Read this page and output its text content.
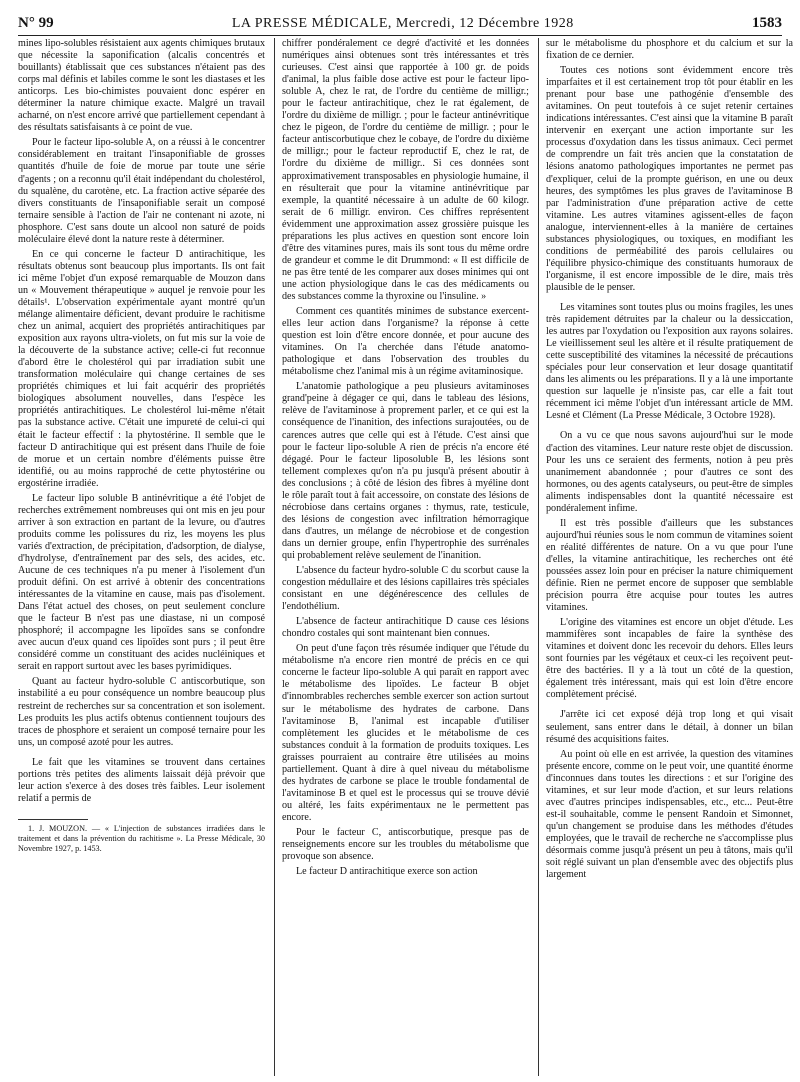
N° 99	LA PRESSE MÉDICALE, Mercredi, 12 Décembre 1928	1583

mines lipo-solubles résistaient aux agents chimiques brutaux que nécessite la saponification (alcalis concentrés et bouillants) établissait que ces substances n'étaient pas des corps mal définis et labiles comme le sont les diastases et les anticorps. Les bio-chimistes pouvaient donc espérer en déterminer la nature chimique exacte. Malgré un travail acharné, on n'est encore arrivé que partiellement cependant à des résultats satisfaisants à ce point de vue.

Pour le facteur lipo-soluble A, on a réussi à le concentrer considérablement en traitant l'insaponifiable de grosses quantités d'huile de foie de morue par toute une série d'agents ; on a reconnu qu'il était indépendant du cholestérol, du squalène, du carotène, etc. La fraction active séparée des divers constituants de l'insaponifiable serait un composé ternaire sensible à l'action de l'air ne contenant ni azote, ni phosphore. C'est sans doute un alcool non saturé de poids moléculaire élevé dont la nature reste à déterminer.

En ce qui concerne le facteur D antirachitique, les résultats obtenus sont beaucoup plus importants. Ils ont fait ici même l'objet d'un exposé remarquable de Mouzon dans un « Mouvement thérapeutique » auquel je renvoie pour les détails¹. L'observation expérimentale ayant montré qu'un mélange alimentaire déficient, devant produire le rachitisme chez un animal, acquiert des propriétés antirachitiques par exposition aux rayons ultra-violets, on fut mis sur la voie de la découverte de la substance active; celle-ci fut reconnue d'abord être le cholestérol qui par irradiation subit une transformation moléculaire qui change certaines de ses propriétés chimiques et lui fait acquérir des propriétés biologiques absolument nouvelles, dans l'espèce les propriétés antirachitiques. Le cholestérol lui-même n'était pas la substance active. C'était une impureté de celui-ci qui était le facteur effectif : la phytostérine. Il semble que le facteur D antirachitique qui est présent dans l'huile de foie de morue et un certain nombre d'éléments puisse être identifié, ou au moins rapproché de cette phytostérine ou ergostérine irradiée.

Le facteur lipo soluble B antinévritique a été l'objet de recherches extrêmement nombreuses qui ont mis en jeu pour arriver à son extraction en partant de la levure, ou d'autres produits comme les polissures du riz, les moyens les plus variés d'extraction, de précipitation, d'adsorption, de dialyse, d'hydrolyse, d'entraînement par des sels, des acides, etc. Aucune de ces techniques n'a pu mener à l'isolement d'un produit défini. On est arrivé à obtenir des concentrations intéressantes de la vitamine en cause, mais pas d'isolement. Dans l'état actuel des choses, on peut seulement conclure que le facteur B n'est pas une diastase, ni un composé phosphoré; il accompagne les lipoïdes sans se confondre avec aucun d'eux quand ces lipoïdes sont purs ; il peut être considéré comme un constituant des acides nucléiniques et serait en rapport surtout avec les bases pyrimidiques.

Quant au facteur hydro-soluble C antiscorbutique, son instabilité a eu pour conséquence un nombre beaucoup plus restreint de recherches sur sa concentration et son isolement. Les produits les plus actifs obtenus contiennent toujours des traces de phosphore et seraient un composé ternaire pour les uns, un composé azoté pour les autres.

Le fait que les vitamines se trouvent dans certaines portions très petites des aliments laissait déjà prévoir que leur action s'exerce à des doses très faibles. Leur isolement relatif a permis de

1. J. MOUZON. — « L'injection de substances irradiées dans le traitement et dans la prévention du rachitisme ». La Presse Médicale, 30 Novembre 1927, p. 1453.

chiffrer pondéralement ce degré d'activité et les données numériques ainsi obtenues sont très intéressantes et très curieuses. C'est ainsi que rapportée à 100 gr. de poids d'animal, la plus faible dose active est pour le facteur lipo-soluble A, chez le rat, de l'ordre du centième de milligr.; pour le facteur antirachitique, chez le rat également, de l'ordre du dixième de milligr. ; pour le facteur antinévritique chez le pigeon, de l'ordre du centième de milligr. ; pour le facteur antiscorbutique chez le cobaye, de l'ordre du dixième de milligr.; pour le facteur reproductif E, chez le rat, de l'ordre du dixième de milligr.. Si ces données sont approximativement transposables en physiologie humaine, il en résulterait que pour la vitamine antinévritique par exemple, la quantité nécessaire à un adulte de 60 kilogr. serait de 6 milligr. environ. Ces chiffres représentent évidemment une approximation assez grossière puisque les préparations les plus actives en question sont encore loin d'être des vitamines pures, mais ils sont tous du même ordre de grandeur et comme le dit Drummond: « Il est difficile de ne pas être tenté de les comparer aux doses minimes qui ont une action physiologique dans le cas des médicaments ou des substances comme la thyroxine ou l'insuline. »

Comment ces quantités minimes de substance exercent-elles leur action dans l'organisme? la réponse à cette question est loin d'être encore donnée, et pour aucune des vitamines. On l'a cherchée dans l'étude anatomo-pathologique et dans l'observation des troubles du métabolisme chez l'animal mis à un régime avitaminosique.

L'anatomie pathologique a peu plusieurs avitaminoses grand'peine à dégager ce qui, dans le tableau des lésions, relève de l'avitaminose à proprement parler, et ce qui est la conséquence de l'inanition, des infections surajoutées, ou de carences autres que celle qui est à l'étude. C'est ainsi que pour le facteur lipo-soluble A rien de précis n'a encore été dégagé. Pour le facteur liposoluble B, les lésions sont tellement complexes qu'on n'a pu jusqu'à présent aboutir à des conclusions ; à côté de lésion des fibres à myéline dont le rôle paraît tout à fait accessoire, on constate des lésions de nécrobiose dans certains organes : thymus, rate, testicule, des lésions de congestion avec infiltration hémorragique dans d'autres, un mélange de nécrobiose et de congestion dans un dernier groupe, enfin l'hypertrophie des surrénales qui probablement relève seulement de l'inanition.

L'absence du facteur hydro-soluble C du scorbut cause la congestion médullaire et des lésions capillaires très spéciales consistant en une dégénérescence des cellules de l'endothélium.

L'absence de facteur antirachitique D cause ces lésions chondro costales qui sont maintenant bien connues.

On peut d'une façon très résumée indiquer que l'étude du métabolisme n'a encore rien montré de précis en ce qui concerne le facteur lipo-soluble A qui paraît en rapport avec le métabolisme des lipoïdes. Le facteur B objet d'innombrables recherches semble exercer son action surtout sur le métabolisme des hydrates de carbone. Dans l'avitaminose B, l'animal est incapable d'utiliser complètement les glucides et le métabolisme de ces substances conduit à la formation de produits toxiques. Les graisses pourraient au contraire être utilisées au moins partiellement. Quant à dire à quel niveau du métabolisme des hydrates de carbone se place le trouble fondamental de l'avitaminose B et quel est le processus qui se trouve dévié ou altéré, les faits expérimentaux ne le permettent pas encore.

Pour le facteur C, antiscorbutique, presque pas de renseignements encore sur les troubles du métabolisme que provoque son absence.

Le facteur D antirachitique exerce son action

sur le métabolisme du phosphore et du calcium et sur la fixation de ce dernier.

Toutes ces notions sont évidemment encore très imparfaites et il est certainement trop tôt pour établir en les prenant pour base une pathogénie d'ensemble des avitamines. On peut toutefois à ce sujet retenir certaines indications intéressantes. C'est ainsi que la vitamine B paraît intervenir en exerçant une action importante sur les processus d'oxydation dans les tissus animaux. Ceci permet de comprendre un fait très ancien que la constatation de lésions anatomo pathologiques importantes ne permet pas d'expliquer, celui de la prompte guérison, en une ou deux heures, des symptômes les plus graves de l'avitaminose B par l'administration d'une préparation active de cette vitamine. Les autres vitamines agissent-elles de façon analogue, interviennent-elles à la manière de certaines substances physiologiques, ou toxiques, en modifiant les conditions de perméabilité des parois cellulaires ou l'équilibre physico-chimique des constituants humoraux de l'organisme, il est encore impossible de le dire, mais très plausible de le penser.

Les vitamines sont toutes plus ou moins fragiles, les unes très rapidement détruites par la chaleur ou la dessiccation, les autres par l'oxydation ou l'exposition aux rayons solaires. Le vieillissement seul les altère et il résulte pratiquement de cette susceptibilité des vitamines la nécessité de précautions spéciales pour leur conservation et leur dosage quantitatif dans les aliments ou les préparations. Il y a là une importante question sur laquelle je n'insiste pas, car elle a fait tout récemment ici même l'objet d'un intéressant article de MM. Lesné et Clément (La Presse Médicale, 3 Octobre 1928).

On a vu ce que nous savons aujourd'hui sur le mode d'action des vitamines. Leur nature reste objet de discussion. Pour les uns ce seraient des ferments, notion à peu près unanimement abandonnée ; pour d'autres ce sont des hormones, ou des agents catalyseurs, ou peut-être de simples aliments indispensables dont la quantité nécessaire est pondéralement infime.

Il est très possible d'ailleurs que les substances aujourd'hui réunies sous le nom commun de vitamines soient en réalité différentes de nature. On a vu que pour l'une d'elles, la vitamine antirachitique, les recherches ont été poussées assez loin pour en préciser la nature chimiquement définie. Rien ne permet encore de supposer que semblable précision pourra être acquise pour toutes les autres vitamines.

L'origine des vitamines est encore un objet d'étude. Les mammifères sont incapables de faire la synthèse des vitamines et doivent donc les recevoir du dehors. Elles leurs sont fournies par les végétaux et ceux-ci les reçoivent peut-être des bactéries. Il y a là tout un côté de la question, également très intéressant, mais qui est loin d'être encore complètement précisé.

J'arrête ici cet exposé déjà trop long et qui visait seulement, sans entrer dans le détail, à donner un bilan résumé des acquisitions faites.

Au point où elle en est arrivée, la question des vitamines présente encore, comme on le peut voir, une quantité énorme d'inconnues dans toutes les directions : et sur l'origine des vitamines, et sur leur mode d'action, et sur leurs relations avec d'autres principes indispensables, etc., etc... Peut-être est-il souhaitable, comme le pensent Randoin et Simonnet, qu'un changement se produise dans les méthodes d'études employées, que le travail de recherche ne s'accomplisse plus désormais comme jusqu'à présent un peu à tâtons, mais qu'il soit réglé suivant un plan d'ensemble avec des objectifs plus largement
